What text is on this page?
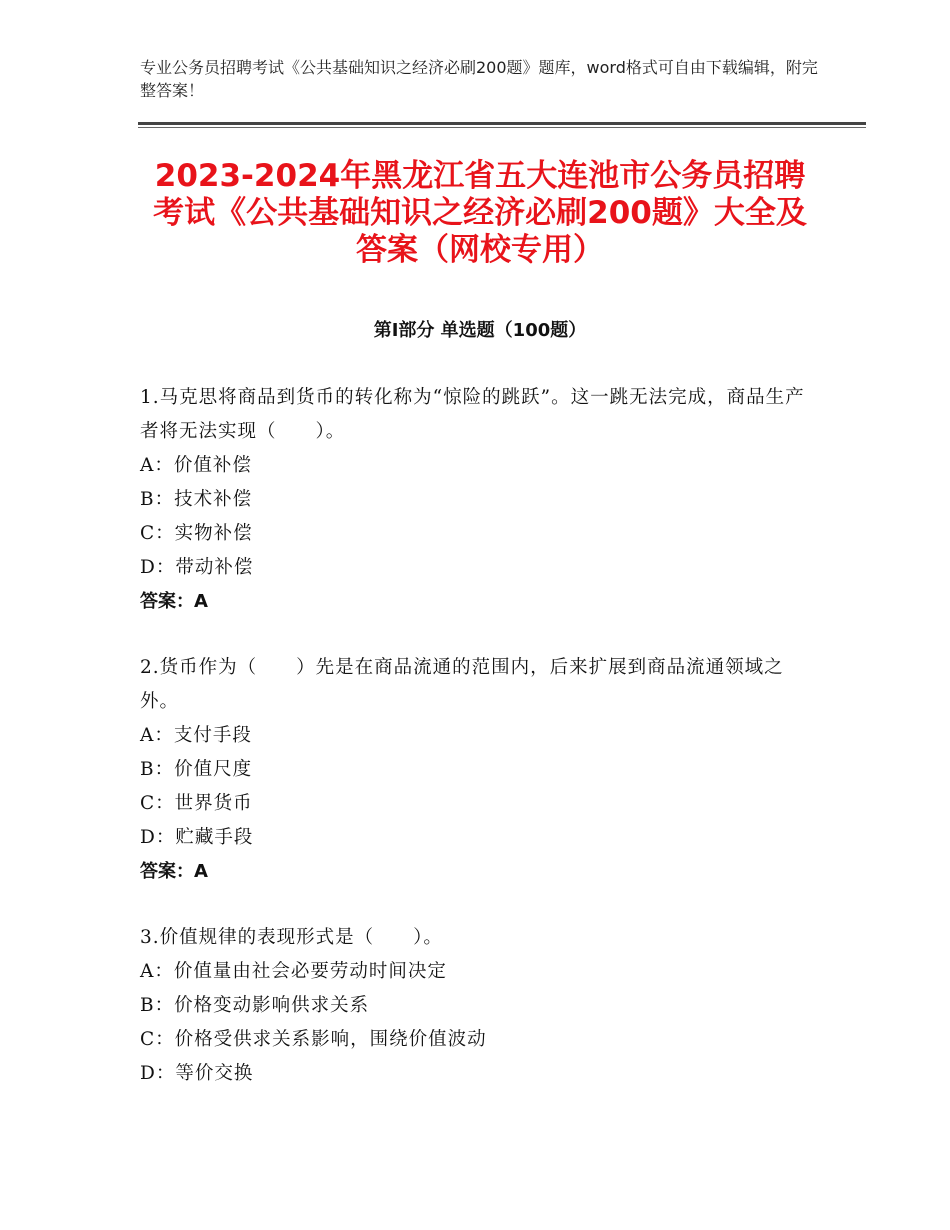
专业公务员招聘考试《公共基础知识之经济必刷200题》题库，word格式可自由下载编辑，附完整答案！
2023-2024年黑龙江省五大连池市公务员招聘考试《公共基础知识之经济必刷200题》大全及答案（网校专用）
第Ⅰ部分 单选题（100题）
1.马克思将商品到货币的转化称为“惊险的跳跃”。这一跳无法完成，商品生产者将无法实现（　　）。
A：价值补偿
B：技术补偿
C：实物补偿
D：带动补偿
答案：A
2.货币作为（　　）先是在商品流通的范围内，后来扩展到商品流通领域之外。
A：支付手段
B：价值尺度
C：世界货币
D：贮藏手段
答案：A
3.价值规律的表现形式是（　　）。
A：价值量由社会必要劳动时间决定
B：价格变动影响供求关系
C：价格受供求关系影响，围绕价值波动
D：等价交换
